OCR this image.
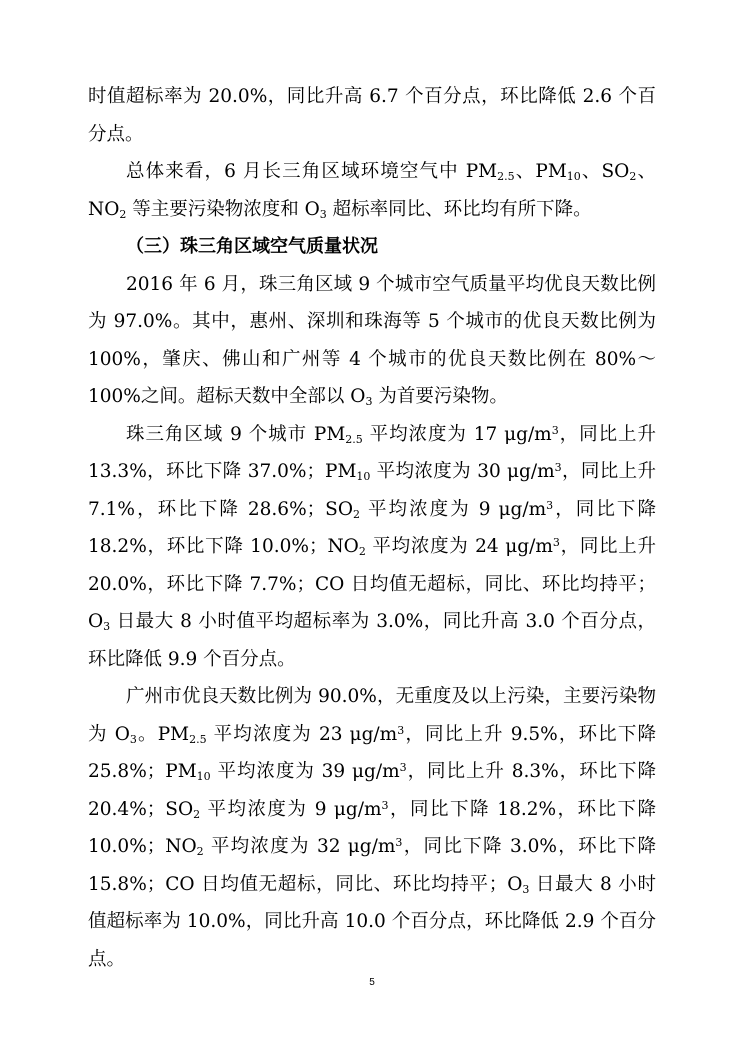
时值超标率为 20.0%，同比升高 6.7 个百分点，环比降低 2.6 个百分点。

总体来看，6 月长三角区域环境空气中 $PM_{2.5}$、$PM_{10}$、$SO_2$、$NO_2$ 等主要污染物浓度和 $O_3$ 超标率同比、环比均有所下降。

（三）珠三角区域空气质量状况

2016 年 6 月，珠三角区域 9 个城市空气质量平均优良天数比例为 97.0%。其中，惠州、深圳和珠海等 5 个城市的优良天数比例为 100%，肇庆、佛山和广州等 4 个城市的优良天数比例在 80%～100%之间。超标天数中全部以 $O_3$ 为首要污染物。

珠三角区域 9 个城市 $PM_{2.5}$ 平均浓度为 17 $\mu g/m^3$，同比上升 13.3%，环比下降 37.0%；$PM_{10}$ 平均浓度为 30 $\mu g/m^3$，同比上升 7.1%，环比下降 28.6%；$SO_2$ 平均浓度为 9 $\mu g/m^3$，同比下降 18.2%，环比下降 10.0%；$NO_2$ 平均浓度为 24 $\mu g/m^3$，同比上升 20.0%，环比下降 7.7%；CO 日均值无超标，同比、环比均持平；$O_3$ 日最大 8 小时值平均超标率为 3.0%，同比升高 3.0 个百分点，环比降低 9.9 个百分点。

广州市优良天数比例为 90.0%，无重度及以上污染，主要污染物为 $O_3$。$PM_{2.5}$ 平均浓度为 23 $\mu g/m^3$，同比上升 9.5%，环比下降 25.8%；$PM_{10}$ 平均浓度为 39 $\mu g/m^3$，同比上升 8.3%，环比下降 20.4%；$SO_2$ 平均浓度为 9 $\mu g/m^3$，同比下降 18.2%，环比下降 10.0%；$NO_2$ 平均浓度为 32 $\mu g/m^3$，同比下降 3.0%，环比下降 15.8%；CO 日均值无超标，同比、环比均持平；$O_3$ 日最大 8 小时值超标率为 10.0%，同比升高 10.0 个百分点，环比降低 2.9 个百分点。

5
